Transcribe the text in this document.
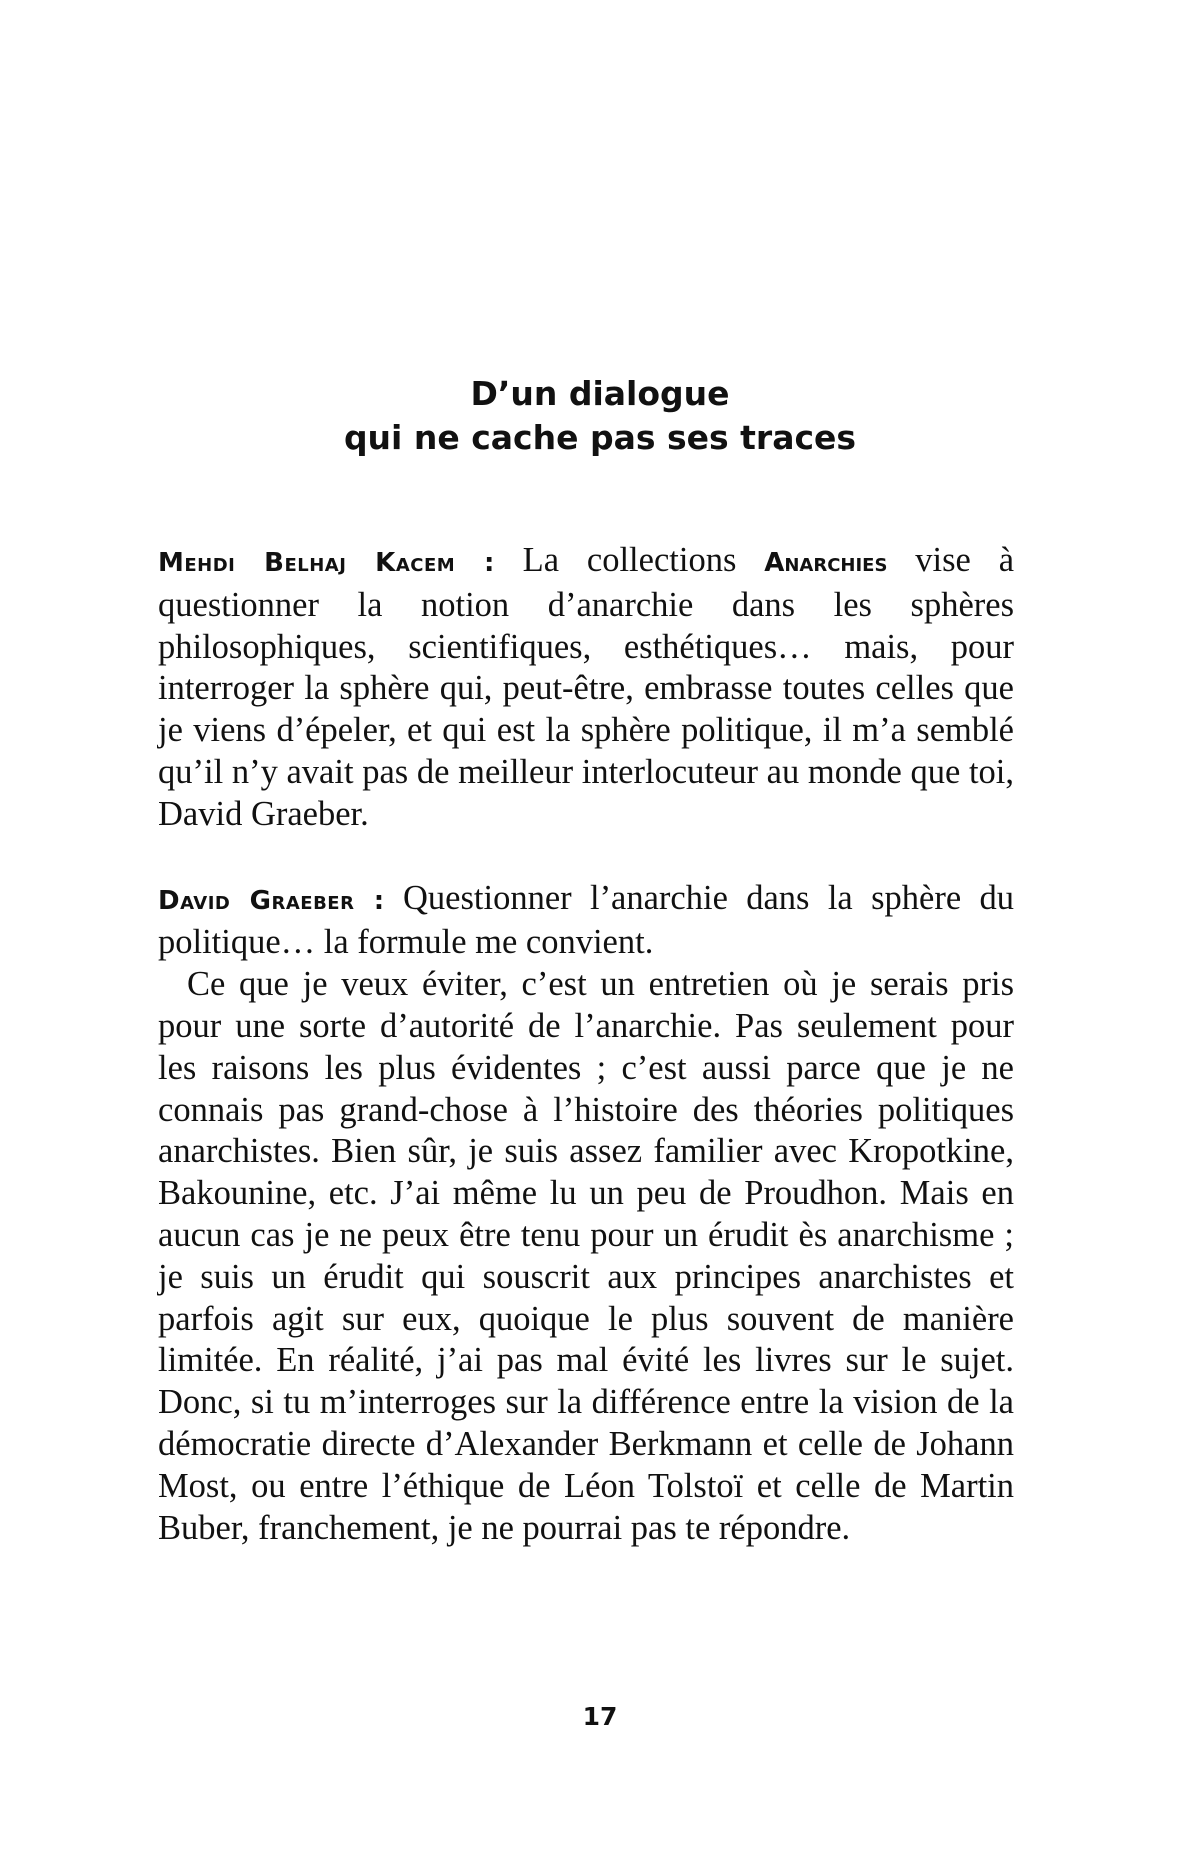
D’un dialogue
qui ne cache pas ses traces

Mehdi Belhaj Kacem : La collections Anarchies vise à questionner la notion d’anarchie dans les sphères philosophiques, scientifiques, esthétiques… mais, pour interroger la sphère qui, peut-être, embrasse toutes celles que je viens d’épeler, et qui est la sphère politique, il m’a semblé qu’il n’y avait pas de meilleur interlocuteur au monde que toi, David Graeber.

David Graeber : Questionner l’anarchie dans la sphère du politique… la formule me convient.

Ce que je veux éviter, c’est un entretien où je serais pris pour une sorte d’autorité de l’anarchie. Pas seulement pour les raisons les plus évidentes ; c’est aussi parce que je ne connais pas grand-chose à l’histoire des théories politiques anarchistes. Bien sûr, je suis assez familier avec Kropotkine, Bakounine, etc. J’ai même lu un peu de Proudhon. Mais en aucun cas je ne peux être tenu pour un érudit ès anarchisme ; je suis un érudit qui souscrit aux principes anarchistes et parfois agit sur eux, quoique le plus souvent de manière limitée. En réalité, j’ai pas mal évité les livres sur le sujet. Donc, si tu m’interroges sur la différence entre la vision de la démocratie directe d’Alexander Berkmann et celle de Johann Most, ou entre l’éthique de Léon Tolstoï et celle de Martin Buber, franchement, je ne pourrai pas te répondre.

17
